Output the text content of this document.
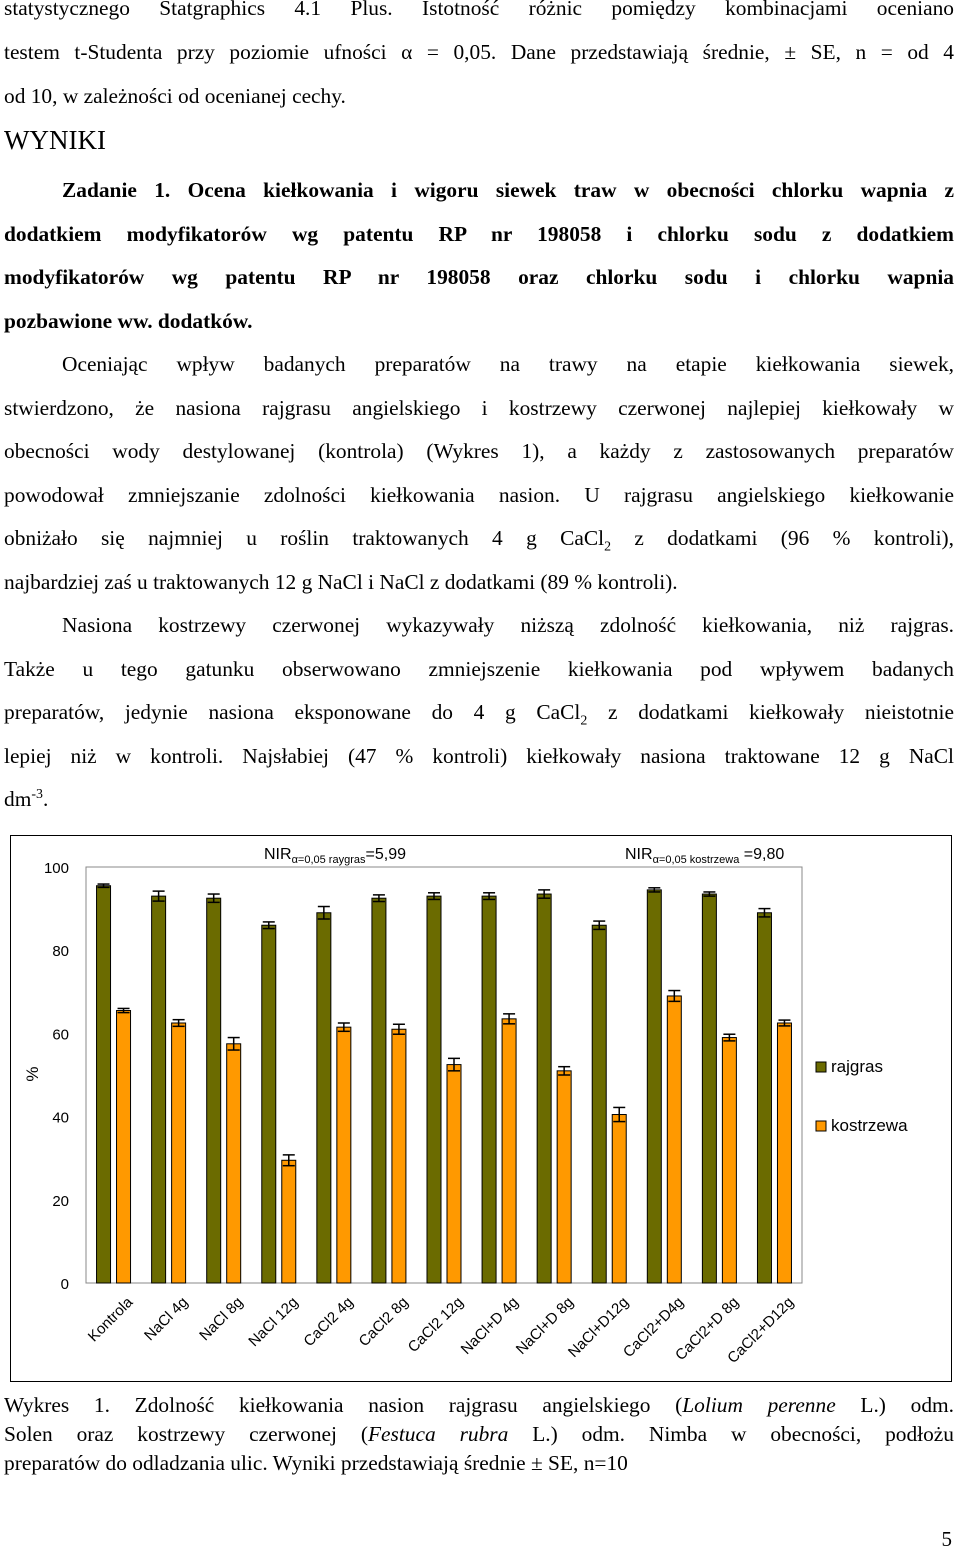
statystycznego Statgraphics 4.1 Plus. Istotność różnic pomiędzy kombinacjami oceniano
testem t-Studenta przy poziomie ufności α = 0,05. Dane przedstawiają średnie, ± SE, n = od 4
od 10, w zależności od ocenianej cechy.
WYNIKI
Zadanie 1. Ocena kiełkowania i wigoru siewek traw w obecności chlorku wapnia z
dodatkiem modyfikatorów wg patentu RP nr 198058 i chlorku sodu z dodatkiem
modyfikatorów wg patentu RP nr 198058 oraz chlorku sodu i chlorku wapnia
pozbawione ww. dodatków.
Oceniając wpływ badanych preparatów na trawy na etapie kiełkowania siewek,
stwierdzono, że nasiona rajgrasu angielskiego i kostrzewy czerwonej najlepiej kiełkowały w
obecności wody destylowanej (kontrola) (Wykres 1), a każdy z zastosowanych preparatów
powodował zmniejszanie zdolności kiełkowania nasion. U rajgrasu angielskiego kiełkowanie
obniżało się najmniej u roślin traktowanych 4 g CaCl$_2$ z dodatkami (96 % kontroli),
najbardziej zaś u traktowanych 12 g NaCl i NaCl z dodatkami (89 % kontroli).
Nasiona kostrzewy czerwonej wykazywały niższą zdolność kiełkowania, niż rajgras.
Także u tego gatunku obserwowano zmniejszenie kiełkowania pod wpływem badanych
preparatów, jedynie nasiona eksponowane do 4 g CaCl$_2$ z dodatkami kiełkowały nieistotnie
lepiej niż w kontroli. Najsłabiej (47 % kontroli) kiełkowały nasiona traktowane 12 g NaCl
$dm^{-3}$.
0
20
40
60
80
100
%
Kontrola NaCl 4g NaCl 8g
NaCl 12g
CaCl2 4g
CaCl2 8g
CaCl2 12g
NaCl+D 4g
NaCl+D 8g
NaCl+D12g
CaCl2+D4g
CaCl2+D 8g
CaCl2+D12g
$NIR_{\alpha=0,05 raygras}=5,99$	$NIR_{\alpha=0,05 kostrzewa} =9,80$
rajgras
kostrzewa
Wykres 1. Zdolność kiełkowania nasion rajgrasu angielskiego (Lolium perenne L.) odm.
Solen oraz kostrzewy czerwonej (Festuca rubra L.) odm. Nimba w obecności, podłożu
preparatów do odladzania ulic. Wyniki przedstawiają średnie ± SE, n=10
5
